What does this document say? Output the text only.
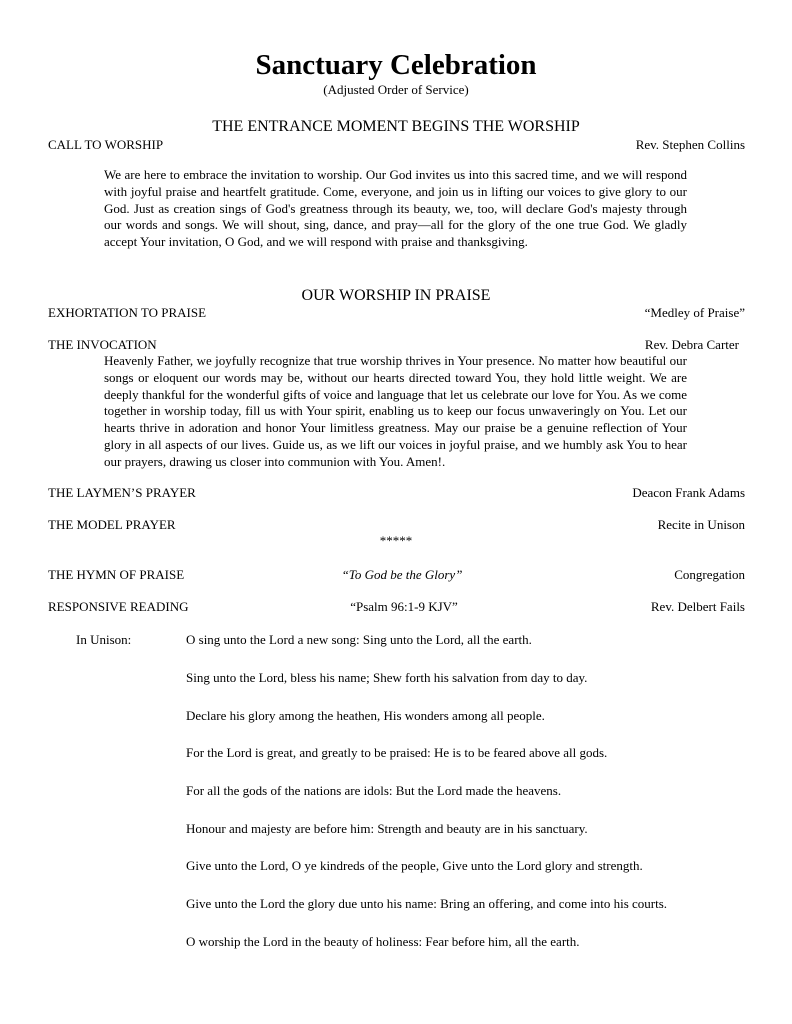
Sanctuary Celebration
(Adjusted Order of Service)
THE ENTRANCE MOMENT BEGINS THE WORSHIP
CALL TO WORSHIP	Rev. Stephen Collins

We are here to embrace the invitation to worship. Our God invites us into this sacred time, and we will respond with joyful praise and heartfelt gratitude. Come, everyone, and join us in lifting our voices to give glory to our God. Just as creation sings of God's greatness through its beauty, we, too, will declare God's majesty through our words and songs. We will shout, sing, dance, and pray—all for the glory of the one true God. We gladly accept Your invitation, O God, and we will respond with praise and thanksgiving.

OUR WORSHIP IN PRAISE
EXHORTATION TO PRAISE	“Medley of Praise”
THE INVOCATION	Rev. Debra Carter

Heavenly Father, we joyfully recognize that true worship thrives in Your presence. No matter how beautiful our songs or eloquent our words may be, without our hearts directed toward You, they hold little weight. We are deeply thankful for the wonderful gifts of voice and language that let us celebrate our love for You. As we come together in worship today, fill us with Your spirit, enabling us to keep our focus unwaveringly on You. Let our hearts thrive in adoration and honor Your limitless greatness. May our praise be a genuine reflection of Your glory in all aspects of our lives. Guide us, as we lift our voices in joyful praise, and we humbly ask You to hear our prayers, drawing us closer into communion with You. Amen!.

THE LAYMEN’S PRAYER	Deacon Frank Adams
THE MODEL PRAYER	Recite in Unison
*****
THE HYMN OF PRAISE	“To God be the Glory”	Congregation
RESPONSIVE READING	“Psalm 96:1-9 KJV”	Rev. Delbert Fails
In Unison:	O sing unto the Lord a new song: Sing unto the Lord, all the earth.
Sing unto the Lord, bless his name; Shew forth his salvation from day to day.
Declare his glory among the heathen, His wonders among all people.
For the Lord is great, and greatly to be praised: He is to be feared above all gods.
For all the gods of the nations are idols: But the Lord made the heavens.
Honour and majesty are before him: Strength and beauty are in his sanctuary.
Give unto the Lord, O ye kindreds of the people, Give unto the Lord glory and strength.
Give unto the Lord the glory due unto his name: Bring an offering, and come into his courts.
O worship the Lord in the beauty of holiness: Fear before him, all the earth.
